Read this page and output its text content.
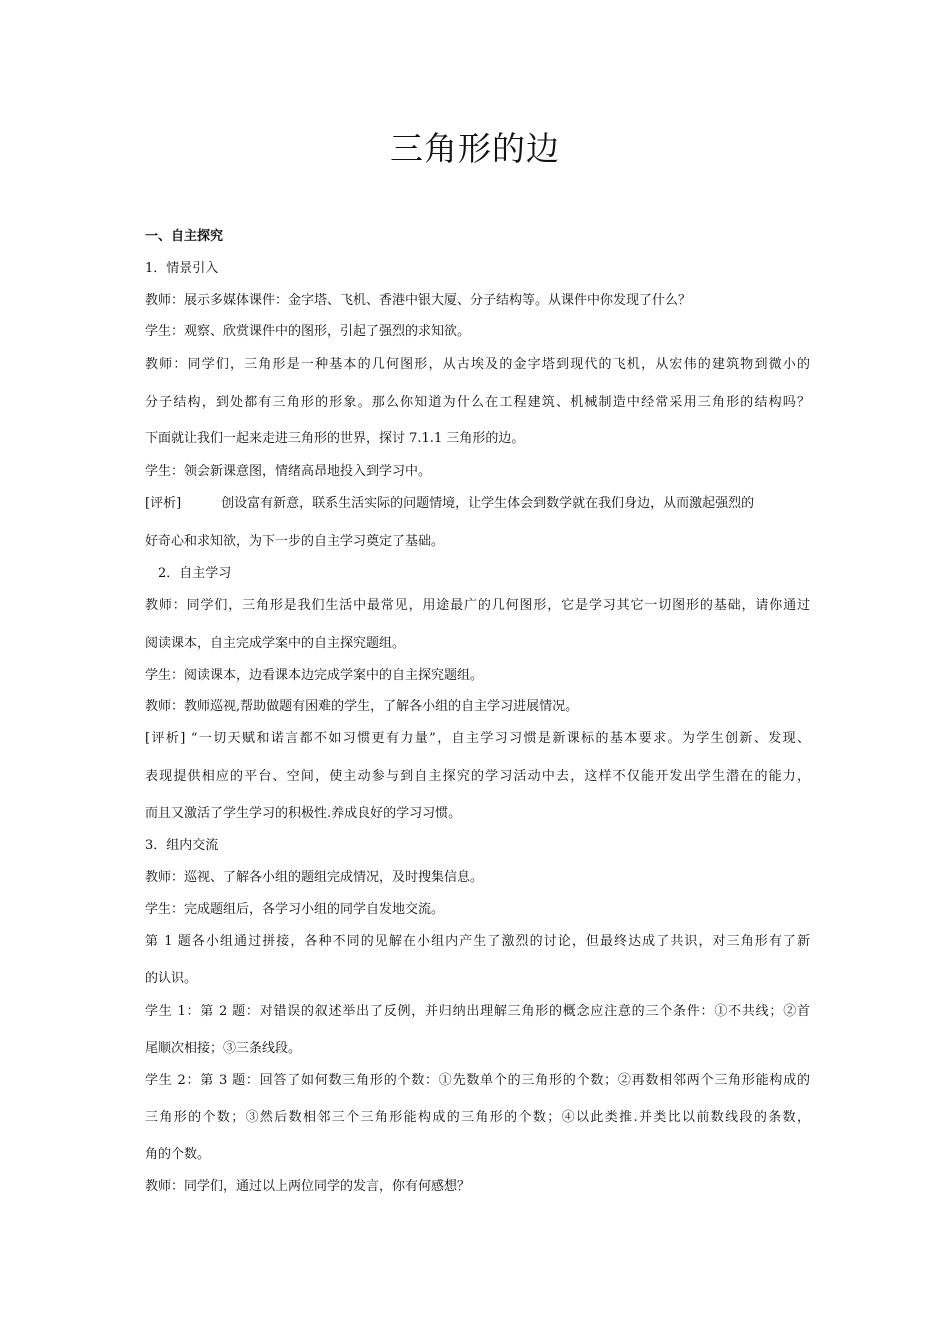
三角形的边
一、自主探究
1．情景引入
教师：展示多媒体课件：金字塔、飞机、香港中银大厦、分子结构等。从课件中你发现了什么？
学生：观察、欣赏课件中的图形，引起了强烈的求知欲。
教师：同学们，三角形是一种基本的几何图形，从古埃及的金字塔到现代的飞机，从宏伟的建筑物到微小的
分子结构，到处都有三角形的形象。那么你知道为什么在工程建筑、机械制造中经常采用三角形的结构吗？
下面就让我们一起来走进三角形的世界，探讨 7.1.1 三角形的边。
学生：领会新课意图，情绪高昂地投入到学习中。
[评析]	创设富有新意，联系生活实际的问题情境，让学生体会到数学就在我们身边，从而激起强烈的
好奇心和求知欲，为下一步的自主学习奠定了基础。
2．自主学习
教师：同学们，三角形是我们生活中最常见，用途最广的几何图形，它是学习其它一切图形的基础，请你通过
阅读课本，自主完成学案中的自主探究题组。
学生：阅读课本，边看课本边完成学案中的自主探究题组。
教师：教师巡视,帮助做题有困难的学生，了解各小组的自主学习进展情况。
[评析] “一切天赋和诺言都不如习惯更有力量”，自主学习习惯是新课标的基本要求。为学生创新、发现、
表现提供相应的平台、空间，使主动参与到自主探究的学习活动中去，这样不仅能开发出学生潜在的能力，
而且又激活了学生学习的积极性.养成良好的学习习惯。
3．组内交流
教师：巡视、了解各小组的题组完成情况，及时搜集信息。
学生：完成题组后，各学习小组的同学自发地交流。
第 1 题各小组通过拼接，各种不同的见解在小组内产生了激烈的讨论，但最终达成了共识，对三角形有了新
的认识。
学生 1：第 2 题：对错误的叙述举出了反例，并归纳出理解三角形的概念应注意的三个条件：①不共线；②首
尾顺次相接；③三条线段。
学生 2：第 3 题：回答了如何数三角形的个数：①先数单个的三角形的个数；②再数相邻两个三角形能构成的
三角形的个数；③然后数相邻三个三角形能构成的三角形的个数；④以此类推.并类比以前数线段的条数，
角的个数。
教师：同学们，通过以上两位同学的发言，你有何感想？
